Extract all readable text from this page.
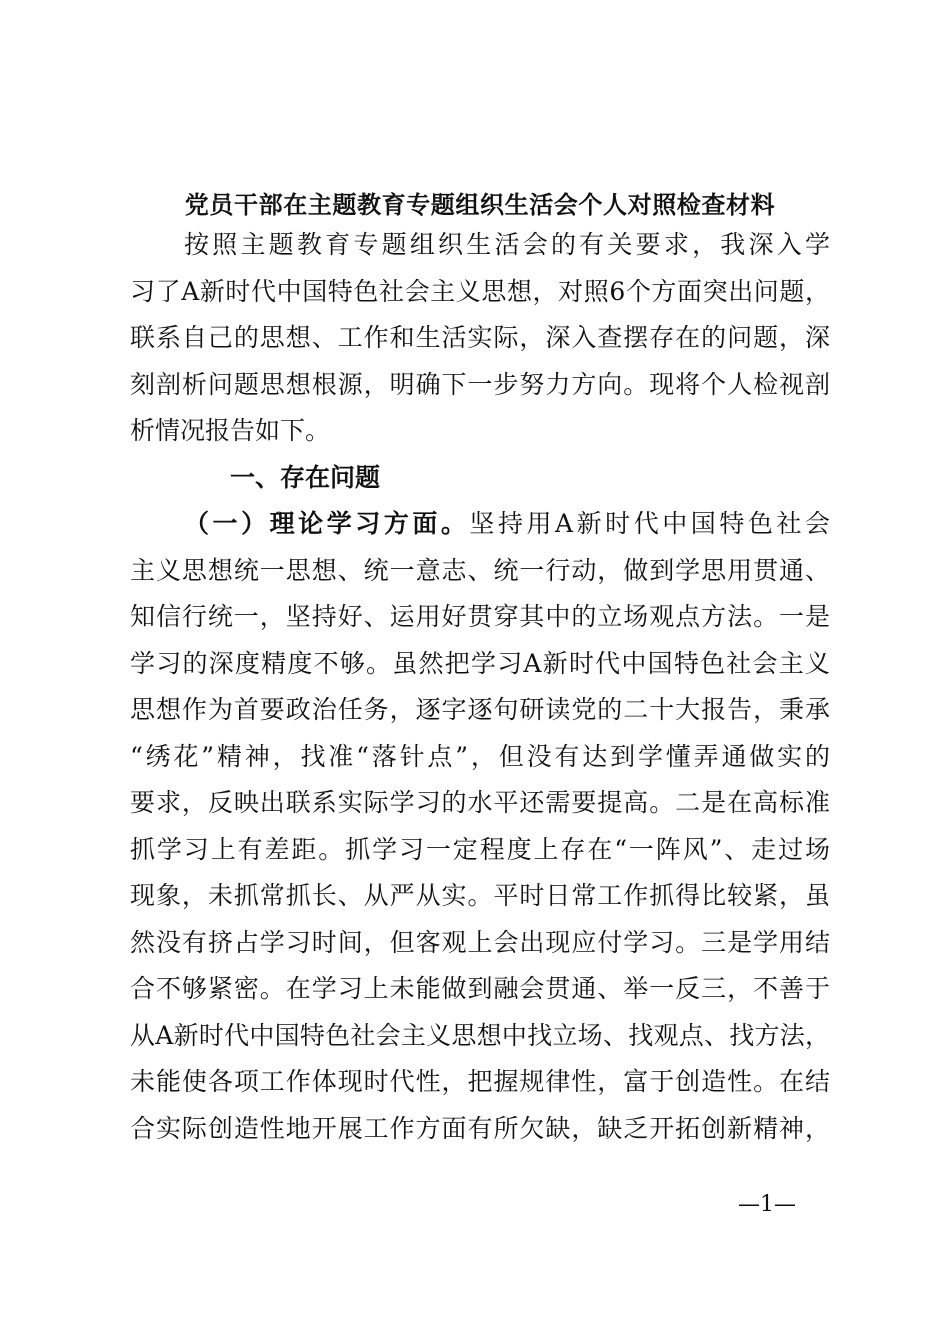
党员干部在主题教育专题组织生活会个人对照检查材料
按照主题教育专题组织生活会的有关要求，我深入学
习了A新时代中国特色社会主义思想，对照6个方面突出问题，
联系自己的思想、工作和生活实际，深入查摆存在的问题，深
刻剖析问题思想根源，明确下一步努力方向。现将个人检视剖
析情况报告如下。
一、存在问题
（一）理论学习方面。坚持用A新时代中国特色社会
主义思想统一思想、统一意志、统一行动，做到学思用贯通、
知信行统一，坚持好、运用好贯穿其中的立场观点方法。一是
学习的深度精度不够。虽然把学习A新时代中国特色社会主义
思想作为首要政治任务，逐字逐句研读党的二十大报告，秉承
“绣花”精神，找准“落针点”，但没有达到学懂弄通做实的
要求，反映出联系实际学习的水平还需要提高。二是在高标准
抓学习上有差距。抓学习一定程度上存在“一阵风”、走过场
现象，未抓常抓长、从严从实。平时日常工作抓得比较紧，虽
然没有挤占学习时间，但客观上会出现应付学习。三是学用结
合不够紧密。在学习上未能做到融会贯通、举一反三，不善于
从A新时代中国特色社会主义思想中找立场、找观点、找方法，
未能使各项工作体现时代性，把握规律性，富于创造性。在结
合实际创造性地开展工作方面有所欠缺，缺乏开拓创新精神，
—1—
